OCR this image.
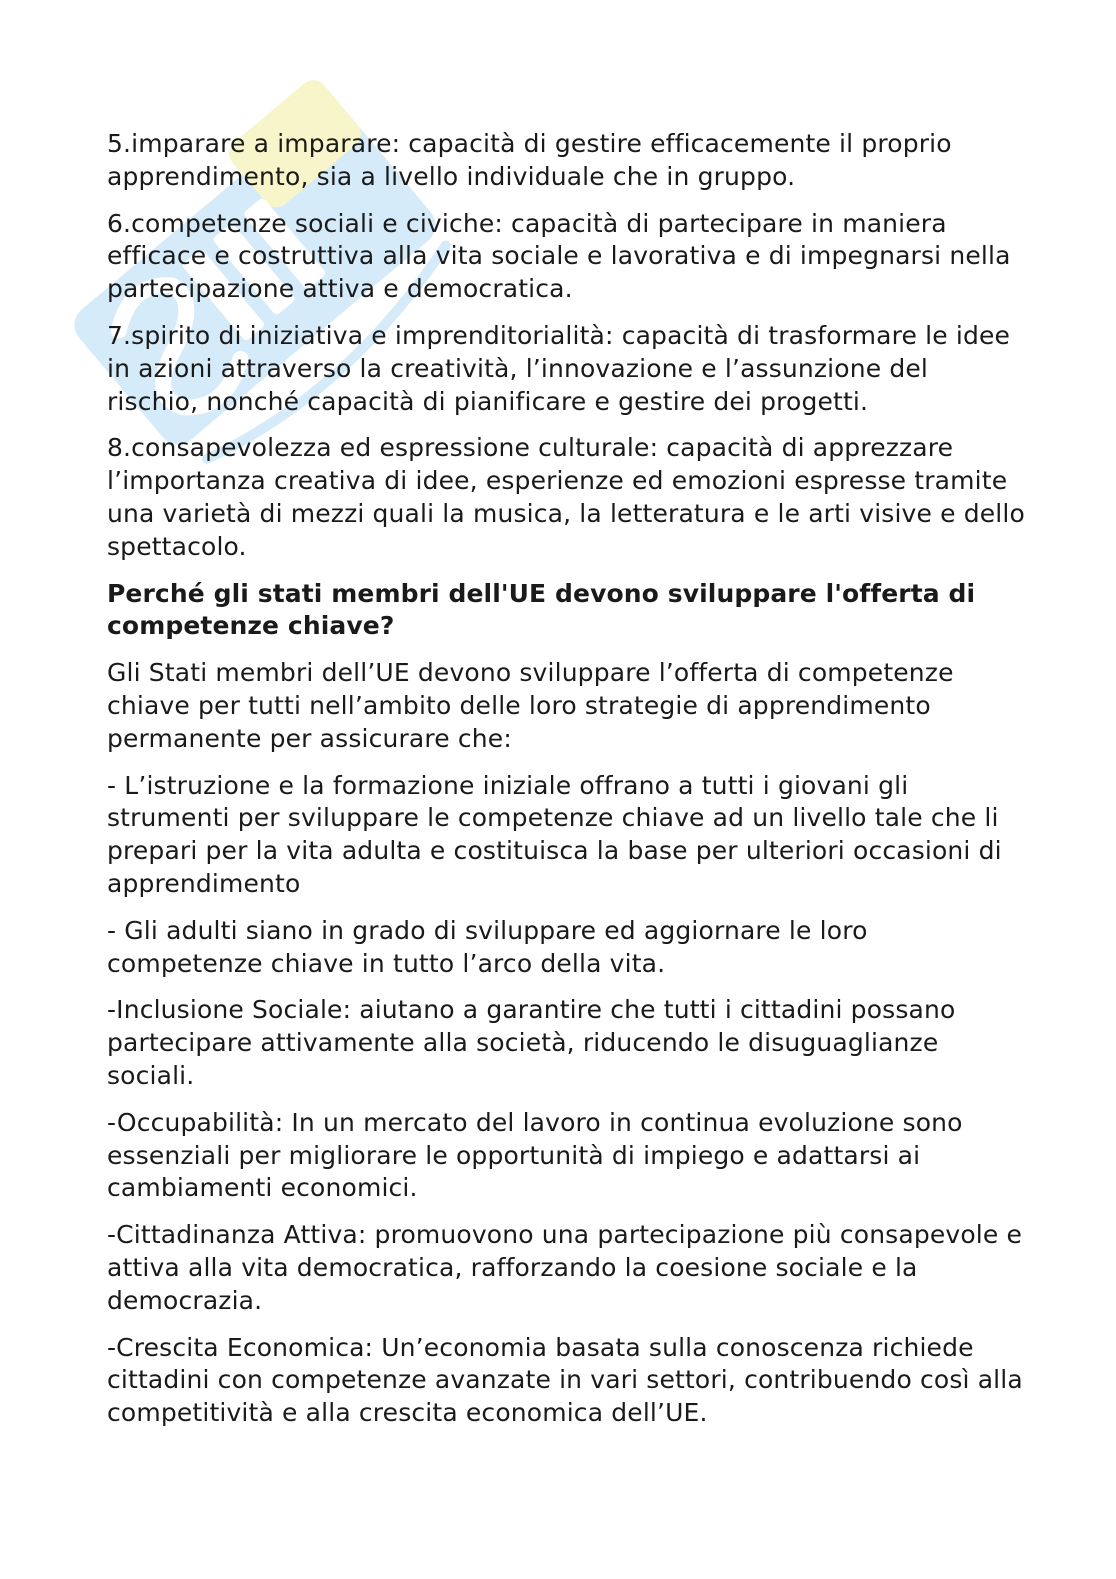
5.imparare a imparare: capacità di gestire efficacemente il proprio apprendimento, sia a livello individuale che in gruppo.

6.competenze sociali e civiche: capacità di partecipare in maniera efficace e costruttiva alla vita sociale e lavorativa e di impegnarsi nella partecipazione attiva e democratica.

7.spirito di iniziativa e imprenditorialità: capacità di trasformare le idee in azioni attraverso la creatività, l’innovazione e l’assunzione del rischio, nonché capacità di pianificare e gestire dei progetti.

8.consapevolezza ed espressione culturale: capacità di apprezzare l’importanza creativa di idee, esperienze ed emozioni espresse tramite una varietà di mezzi quali la musica, la letteratura e le arti visive e dello spettacolo.

Perché gli stati membri dell'UE devono sviluppare l'offerta di competenze chiave?

Gli Stati membri dell’UE devono sviluppare l’offerta di competenze chiave per tutti nell’ambito delle loro strategie di apprendimento permanente per assicurare che:

- L’istruzione e la formazione iniziale offrano a tutti i giovani gli strumenti per sviluppare le competenze chiave ad un livello tale che li prepari per la vita adulta e costituisca la base per ulteriori occasioni di apprendimento

- Gli adulti siano in grado di sviluppare ed aggiornare le loro competenze chiave in tutto l’arco della vita.

-Inclusione Sociale: aiutano a garantire che tutti i cittadini possano partecipare attivamente alla società, riducendo le disuguaglianze sociali.

-Occupabilità: In un mercato del lavoro in continua evoluzione sono essenziali per migliorare le opportunità di impiego e adattarsi ai cambiamenti economici.

-Cittadinanza Attiva: promuovono una partecipazione più consapevole e attiva alla vita democratica, rafforzando la coesione sociale e la democrazia.

-Crescita Economica: Un’economia basata sulla conoscenza richiede cittadini con competenze avanzate in vari settori, contribuendo così alla competitività e alla crescita economica dell’UE.
